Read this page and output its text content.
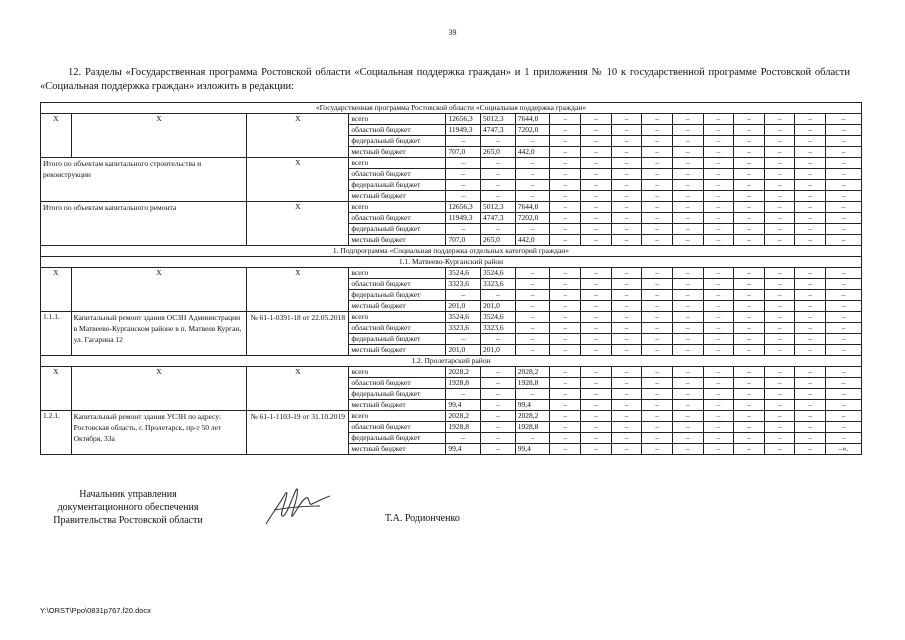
39
12. Разделы «Государственная программа Ростовской области «Социальная поддержка граждан» и 1 приложения № 10 к государственной программе Ростовской области «Социальная поддержка граждан» изложить в редакции:
«Государственная программа Ростовской области «Социальная поддержка граждан»																
X	X	X	всего	12656,3	5012,3	7644,0	–	–	–	–	–	–	–	–	–	–
			областной бюджет	11949,3	4747,3	7202,0	–	–	–	–	–	–	–	–	–	–
			федеральный бюджет	–	–	–	–	–	–	–	–	–	–	–	–	–
			местный бюджет	707,0	265,0	442,0	–	–	–	–	–	–	–	–	–	–
Итого по объектам капитального строительства и реконструкции		X	всего	–	–	–	–	–	–	–	–	–	–	–	–	–
			областной бюджет	–	–	–	–	–	–	–	–	–	–	–	–	–
			федеральный бюджет	–	–	–	–	–	–	–	–	–	–	–	–	–
			местный бюджет	–	–	–	–	–	–	–	–	–	–	–	–	–
Итого по объектам капитального ремонта		X	всего	12656,3	5012,3	7644,0	–	–	–	–	–	–	–	–	–	–
			областной бюджет	11949,3	4747,3	7202,0	–	–	–	–	–	–	–	–	–	–
			федеральный бюджет	–	–	–	–	–	–	–	–	–	–	–	–	–
			местный бюджет	707,0	265,0	442,0	–	–	–	–	–	–	–	–	–	–
1. Подпрограмма «Социальная поддержка отдельных категорий граждан»																
1.1. Матвеево-Курганский район																
X	X	X	всего	3524,6	3524,6	–	–	–	–	–	–	–	–	–	–	–
			областной бюджет	3323,6	3323,6	–	–	–	–	–	–	–	–	–	–	–
			федеральный бюджет	–	–	–	–	–	–	–	–	–	–	–	–	–
			местный бюджет	201,0	201,0	–	–	–	–	–	–	–	–	–	–	–
1.1.1.	Капитальный ремонт здания ОСЗН Администрации в Матвеево-Курганском районе в п. Матвеев Курган, ул. Гагарина 12	№ 61-1-0391-18 от 22.05.2018	всего	3524,6	3524,6	–	–	–	–	–	–	–	–	–	–	–
			областной бюджет	3323,6	3323,6	–	–	–	–	–	–	–	–	–	–	–
			федеральный бюджет	–	–	–	–	–	–	–	–	–	–	–	–	–
			местный бюджет	201,0	201,0	–	–	–	–	–	–	–	–	–	–	–
1.2. Пролетарский район																
X	X	X	всего	2028,2	–	2028,2	–	–	–	–	–	–	–	–	–	–
			областной бюджет	1928,8	–	1928,8	–	–	–	–	–	–	–	–	–	–
			федеральный бюджет	–	–	–	–	–	–	–	–	–	–	–	–	–
			местный бюджет	99,4	–	99,4	–	–	–	–	–	–	–	–	–	–
1.2.1.	Капитальный ремонт здания УСЗН по адресу: Ростовская область, г. Пролетарск, пр-т 50 лет Октября, 33а	№ 61-1-1103-19 от 31.10.2019	всего	2028,2	–	2028,2	–	–	–	–	–	–	–	–	–	–
			областной бюджет	1928,8	–	1928,8	–	–	–	–	–	–	–	–	–	–
			федеральный бюджет	–	–	–	–	–	–	–	–	–	–	–	–	–
			местный бюджет	99,4	–	99,4	–	–	–	–	–	–	–	–	–	–».
Начальник управления
документационного обеспечения
Правительства Ростовской области	Т.А. Родионченко
Y:\ORST\Ppo\0831p767.f20.docx
